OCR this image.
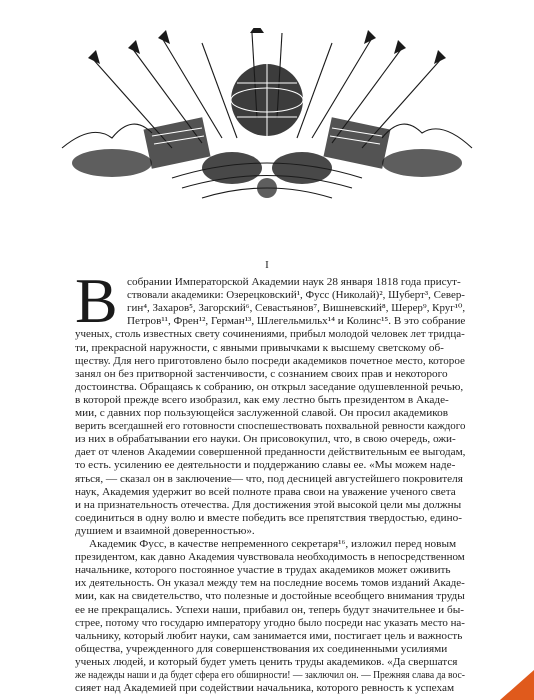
I
В собрании Императорской Академии наук 28 января 1818 года присут-
ствовали академики: Озерецковский¹, Фусс (Николай)², Шуберт³, Север-
гин⁴, Захаров⁵, Загорский⁶, Севастьянов⁷, Вишневский⁸, Шерер⁹, Круг¹⁰,
Петров¹¹, Френ¹², Герман¹³, Шлегельмильх¹⁴ и Колинс¹⁵. В это собрание
ученых, столь известных свету сочинениями, прибыл молодой человек лет тридца-
ти, прекрасной наружности, с явными привычками к высшему светскому об-
ществу. Для него приготовлено было посреди академиков почетное место, которое
занял он без притворной застенчивости, с сознанием своих прав и некоторого
достоинства. Обращаясь к собранию, он открыл заседание одушевленной речью,
в которой прежде всего изобразил, как ему лестно быть президентом в Акаде-
мии, с давних пор пользующейся заслуженной славой. Он просил академиков
верить всегдашней его готовности споспешествовать похвальной ревности каждого
из них в обрабатывании его науки. Он присовокупил, что, в свою очередь, ожи-
дает от членов Академии совершенной преданности действительным ее выгодам,
то есть. усилению ее деятельности и поддержанию славы ее. «Мы можем наде-
яться, — сказал он в заключение— что, под десницей августейшего покровителя
наук, Академия удержит во всей полноте права свои на уважение ученого света
и на признательность отечества. Для достижения этой высокой цели мы должны
соединиться в одну волю и вместе победить все препятствия твердостью, едино-
душием и взаимной доверенностью».
Академик Фусс, в качестве непременного секретаря¹⁶, изложил перед новым
президентом, как давно Академия чувствовала необходимость в непосредственном
начальнике, которого постоянное участие в трудах академиков может оживить
их деятельность. Он указал между тем на последние восемь томов изданий Акаде-
мии, как на свидетельство, что полезные и достойные всеобщего внимания труды
ее не прекращались. Успехи наши, прибавил он, теперь будут значительнее и бы-
стрее, потому что государю императору угодно было посреди нас указать место на-
чальнику, который любит науки, сам занимается ими, постигает цель и важность
общества, учрежденного для совершенствования их соединенными усилиями
ученых людей, и который будет уметь ценить труды академиков. «Да свершатся
же надежды наши и да будет сфера его обширности! — заключил он. — Прежняя слава да вос-
сияет над Академией при содействии начальника, которого ревность к успехам
